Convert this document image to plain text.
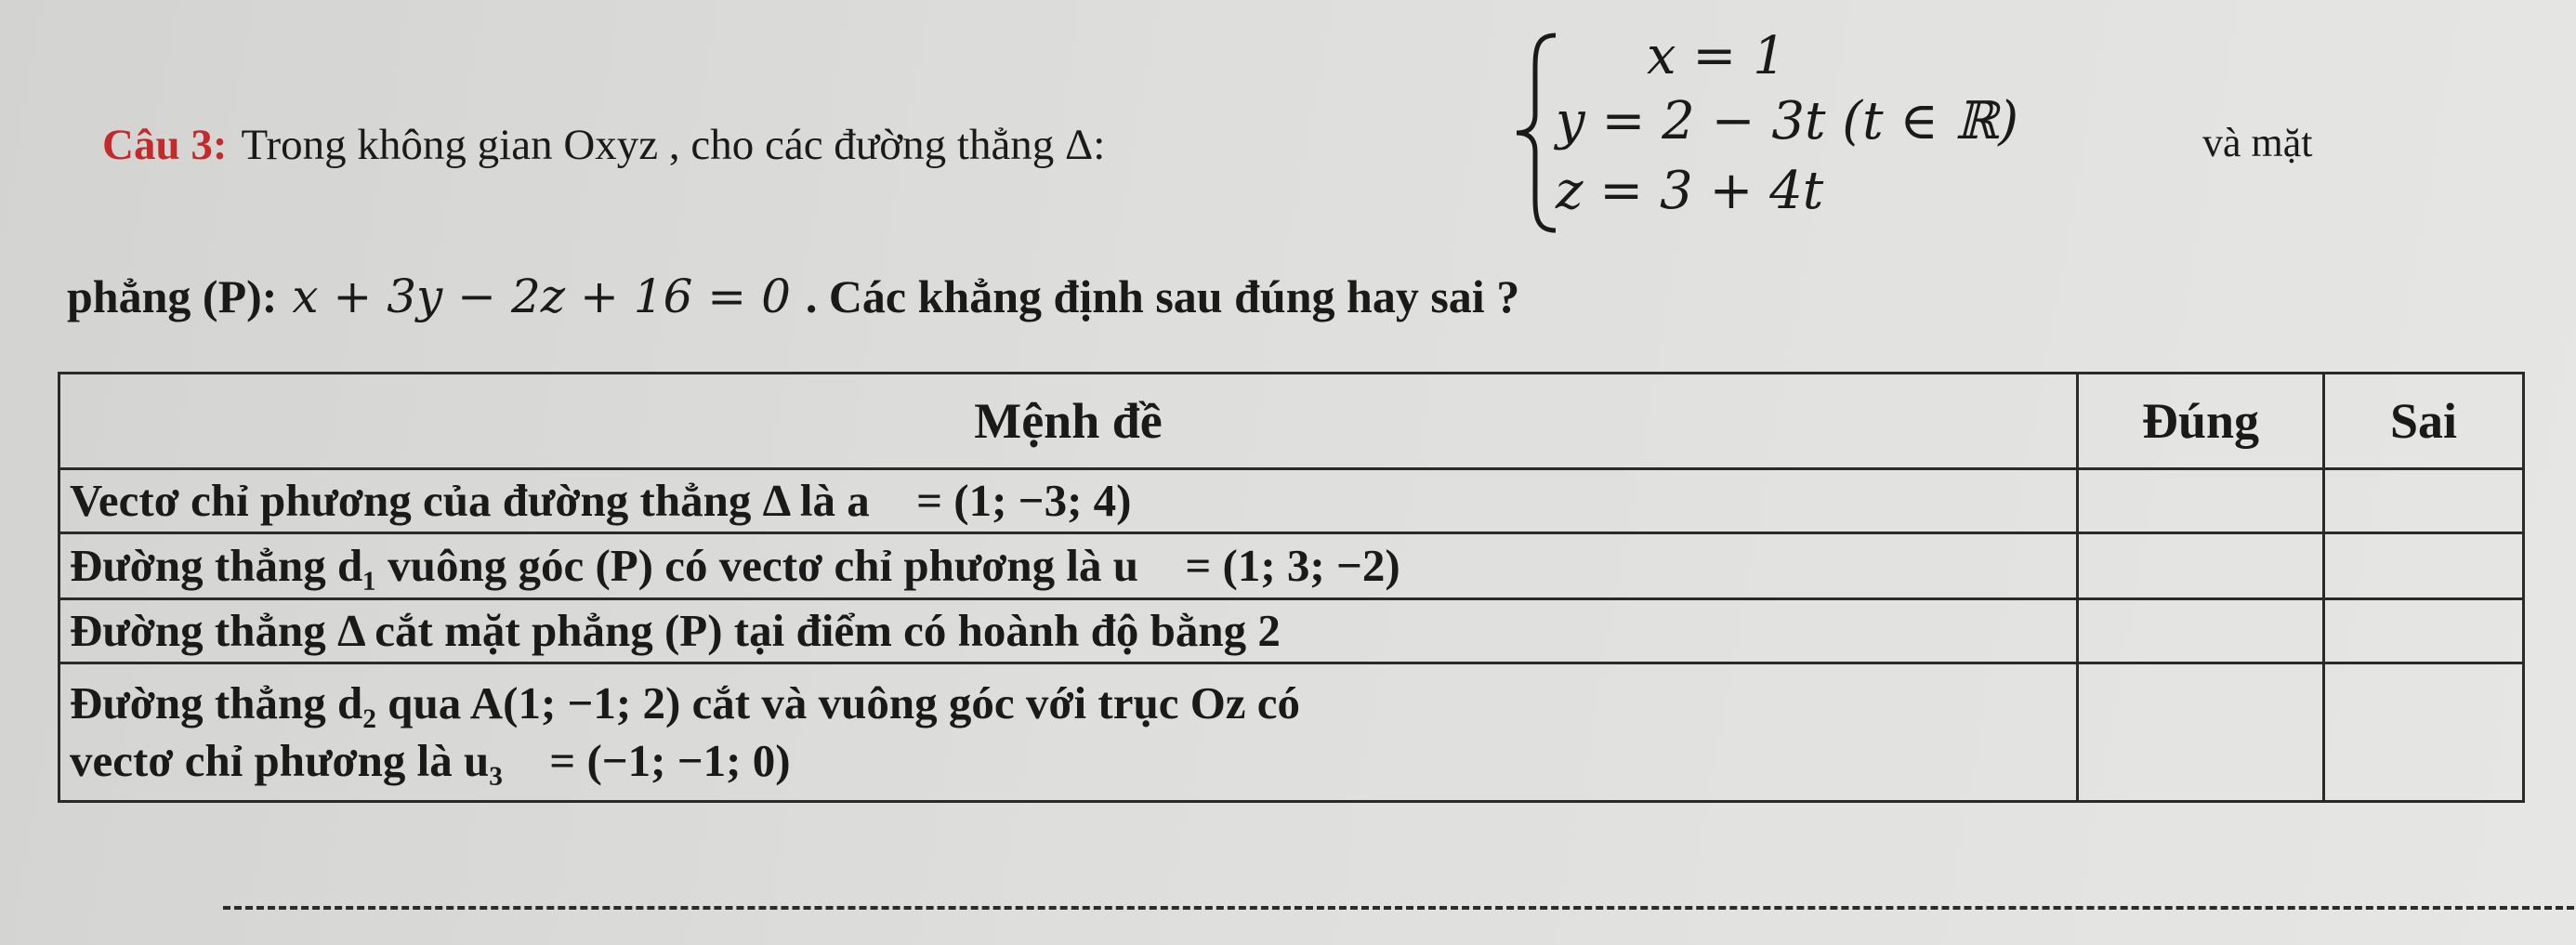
Câu 3: Trong không gian Oxyz , cho các đường thẳng Δ:
x = 1
y = 2 − 3t (t ∈ ℝ)
z = 3 + 4t
và mặt
phẳng (P): x + 3y − 2z + 16 = 0 . Các khẳng định sau đúng hay sai ?
Mệnh đề	Đúng	Sai
Vectơ chỉ phương của đường thẳng Δ là a⃗ = (1; −3; 4)		
Đường thẳng d₁ vuông góc (P) có vectơ chỉ phương là u⃗ = (1; 3; −2)		
Đường thẳng Δ cắt mặt phẳng (P) tại điểm có hoành độ bằng 2		

Đường thẳng d₂ qua A(1; −1; 2) cắt và vuông góc với trục Oz có
vectơ chỉ phương là u₃⃗ = (−1; −1; 0)		
